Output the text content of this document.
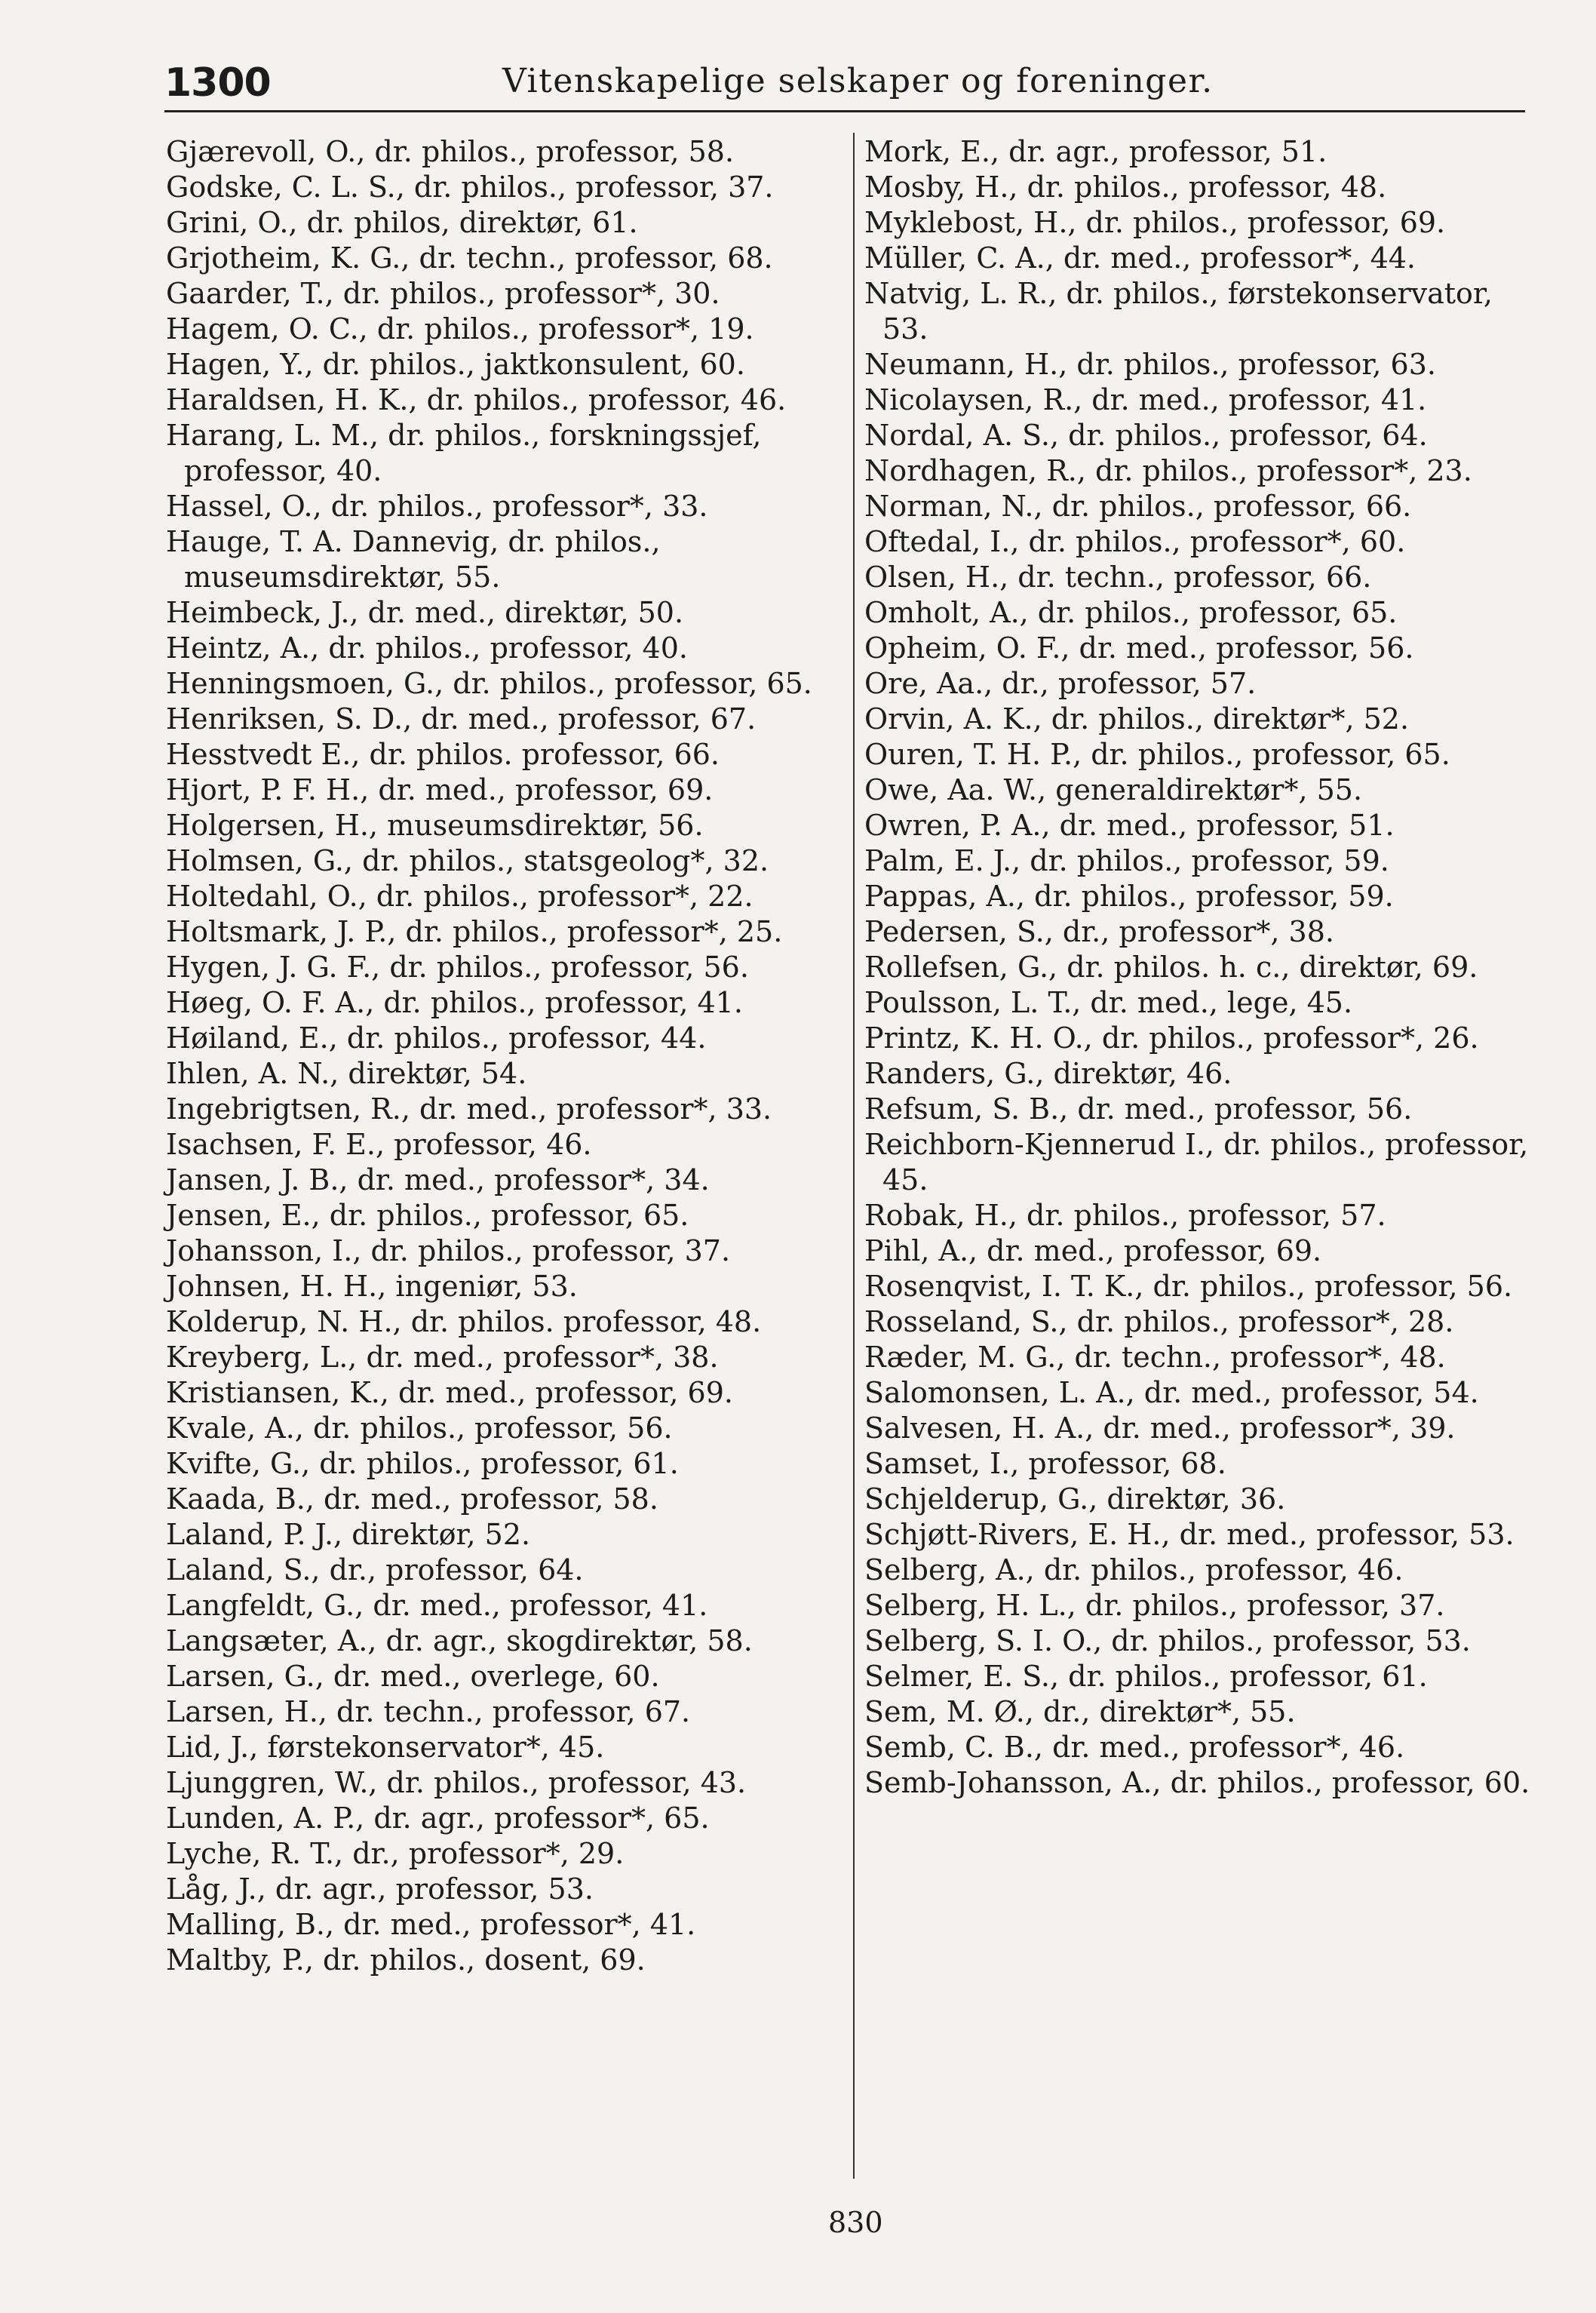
1300	Vitenskapelige selskaper og foreninger.
Gjærevoll, O., dr. philos., professor, 58.
Godske, C. L. S., dr. philos., professor, 37.
Grini, O., dr. philos, direktør, 61.
Grjotheim, K. G., dr. techn., professor, 68.
Gaarder, T., dr. philos., professor*, 30.
Hagem, O. C., dr. philos., professor*, 19.
Hagen, Y., dr. philos., jaktkonsulent, 60.
Haraldsen, H. K., dr. philos., professor, 46.
Harang, L. M., dr. philos., forskningssjef, professor, 40.
Hassel, O., dr. philos., professor*, 33.
Hauge, T. A. Dannevig, dr. philos., museumsdirektør, 55.
Heimbeck, J., dr. med., direktør, 50.
Heintz, A., dr. philos., professor, 40.
Henningsmoen, G., dr. philos., professor, 65.
Henriksen, S. D., dr. med., professor, 67.
Hesstvedt E., dr. philos. professor, 66.
Hjort, P. F. H., dr. med., professor, 69.
Holgersen, H., museumsdirektør, 56.
Holmsen, G., dr. philos., statsgeolog*, 32.
Holtedahl, O., dr. philos., professor*, 22.
Holtsmark, J. P., dr. philos., professor*, 25.
Hygen, J. G. F., dr. philos., professor, 56.
Høeg, O. F. A., dr. philos., professor, 41.
Høiland, E., dr. philos., professor, 44.
Ihlen, A. N., direktør, 54.
Ingebrigtsen, R., dr. med., professor*, 33.
Isachsen, F. E., professor, 46.
Jansen, J. B., dr. med., professor*, 34.
Jensen, E., dr. philos., professor, 65.
Johansson, I., dr. philos., professor, 37.
Johnsen, H. H., ingeniør, 53.
Kolderup, N. H., dr. philos. professor, 48.
Kreyberg, L., dr. med., professor*, 38.
Kristiansen, K., dr. med., professor, 69.
Kvale, A., dr. philos., professor, 56.
Kvifte, G., dr. philos., professor, 61.
Kaada, B., dr. med., professor, 58.
Laland, P. J., direktør, 52.
Laland, S., dr., professor, 64.
Langfeldt, G., dr. med., professor, 41.
Langsæter, A., dr. agr., skogdirektør, 58.
Larsen, G., dr. med., overlege, 60.
Larsen, H., dr. techn., professor, 67.
Lid, J., førstekonservator*, 45.
Ljunggren, W., dr. philos., professor, 43.
Lunden, A. P., dr. agr., professor*, 65.
Lyche, R. T., dr., professor*, 29.
Låg, J., dr. agr., professor, 53.
Malling, B., dr. med., professor*, 41.
Maltby, P., dr. philos., dosent, 69.
Mork, E., dr. agr., professor, 51.
Mosby, H., dr. philos., professor, 48.
Myklebost, H., dr. philos., professor, 69.
Müller, C. A., dr. med., professor*, 44.
Natvig, L. R., dr. philos., førstekonservator, 53.
Neumann, H., dr. philos., professor, 63.
Nicolaysen, R., dr. med., professor, 41.
Nordal, A. S., dr. philos., professor, 64.
Nordhagen, R., dr. philos., professor*, 23.
Norman, N., dr. philos., professor, 66.
Oftedal, I., dr. philos., professor*, 60.
Olsen, H., dr. techn., professor, 66.
Omholt, A., dr. philos., professor, 65.
Opheim, O. F., dr. med., professor, 56.
Ore, Aa., dr., professor, 57.
Orvin, A. K., dr. philos., direktør*, 52.
Ouren, T. H. P., dr. philos., professor, 65.
Owe, Aa. W., generaldirektør*, 55.
Owren, P. A., dr. med., professor, 51.
Palm, E. J., dr. philos., professor, 59.
Pappas, A., dr. philos., professor, 59.
Pedersen, S., dr., professor*, 38.
Rollefsen, G., dr. philos. h. c., direktør, 69.
Poulsson, L. T., dr. med., lege, 45.
Printz, K. H. O., dr. philos., professor*, 26.
Randers, G., direktør, 46.
Refsum, S. B., dr. med., professor, 56.
Reichborn-Kjennerud I., dr. philos., professor, 45.
Robak, H., dr. philos., professor, 57.
Pihl, A., dr. med., professor, 69.
Rosenqvist, I. T. K., dr. philos., professor, 56.
Rosseland, S., dr. philos., professor*, 28.
Ræder, M. G., dr. techn., professor*, 48.
Salomonsen, L. A., dr. med., professor, 54.
Salvesen, H. A., dr. med., professor*, 39.
Samset, I., professor, 68.
Schjelderup, G., direktør, 36.
Schjøtt-Rivers, E. H., dr. med., professor, 53.
Selberg, A., dr. philos., professor, 46.
Selberg, H. L., dr. philos., professor, 37.
Selberg, S. I. O., dr. philos., professor, 53.
Selmer, E. S., dr. philos., professor, 61.
Sem, M. Ø., dr., direktør*, 55.
Semb, C. B., dr. med., professor*, 46.
Semb-Johansson, A., dr. philos., professor, 60.

830
